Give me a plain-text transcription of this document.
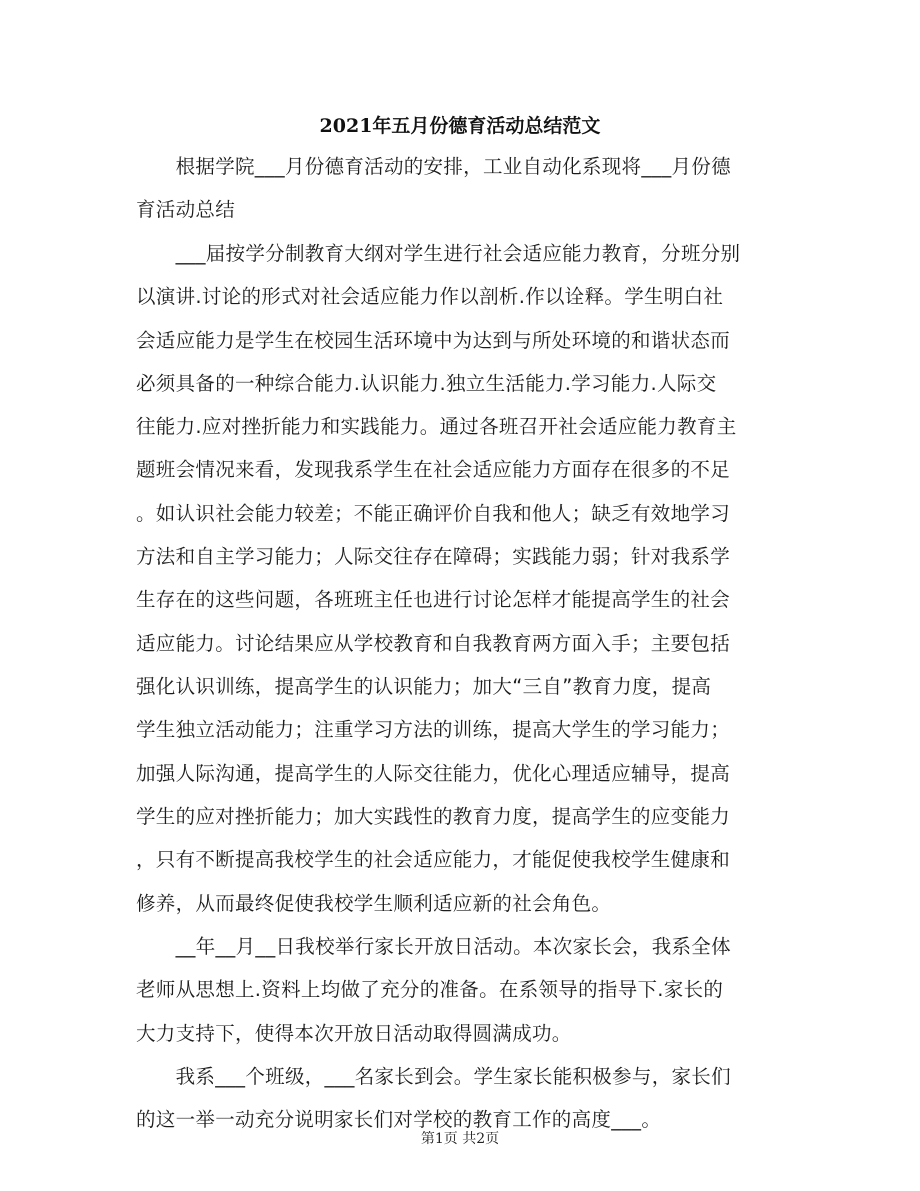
2021年五月份德育活动总结范文
　　根据学院___月份德育活动的安排，工业自动化系现将___月份德
育活动总结
　　___届按学分制教育大纲对学生进行社会适应能力教育，分班分别
以演讲.讨论的形式对社会适应能力作以剖析.作以诠释。学生明白社
会适应能力是学生在校园生活环境中为达到与所处环境的和谐状态而
必须具备的一种综合能力.认识能力.独立生活能力.学习能力.人际交
往能力.应对挫折能力和实践能力。通过各班召开社会适应能力教育主
题班会情况来看，发现我系学生在社会适应能力方面存在很多的不足
。如认识社会能力较差；不能正确评价自我和他人；缺乏有效地学习
方法和自主学习能力；人际交往存在障碍；实践能力弱；针对我系学
生存在的这些问题，各班班主任也进行讨论怎样才能提高学生的社会
适应能力。讨论结果应从学校教育和自我教育两方面入手；主要包括
强化认识训练，提高学生的认识能力；加大“三自”教育力度，提高
学生独立活动能力；注重学习方法的训练，提高大学生的学习能力；
加强人际沟通，提高学生的人际交往能力，优化心理适应辅导，提高
学生的应对挫折能力；加大实践性的教育力度，提高学生的应变能力
，只有不断提高我校学生的社会适应能力，才能促使我校学生健康和
修养，从而最终促使我校学生顺利适应新的社会角色。
　　__年__月__日我校举行家长开放日活动。本次家长会，我系全体
老师从思想上.资料上均做了充分的准备。在系领导的指导下.家长的
大力支持下，使得本次开放日活动取得圆满成功。
　　我系___个班级，___名家长到会。学生家长能积极参与，家长们
的这一举一动充分说明家长们对学校的教育工作的高度___。
第1页 共2页
